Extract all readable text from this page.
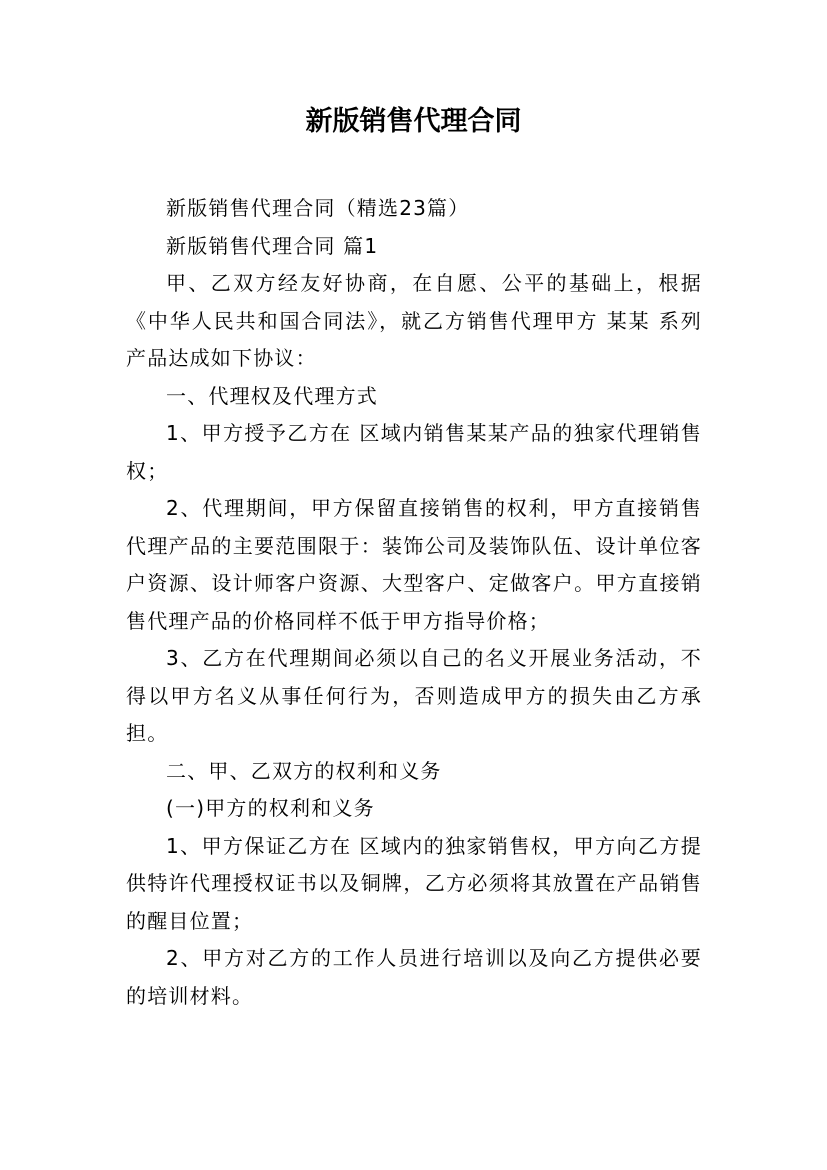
新版销售代理合同

新版销售代理合同（精选23篇）

新版销售代理合同 篇1

甲、乙双方经友好协商，在自愿、公平的基础上，根据《中华人民共和国合同法》，就乙方销售代理甲方 某某 系列产品达成如下协议：

一、代理权及代理方式

1、甲方授予乙方在 区域内销售某某产品的独家代理销售权；

2、代理期间，甲方保留直接销售的权利，甲方直接销售代理产品的主要范围限于：装饰公司及装饰队伍、设计单位客户资源、设计师客户资源、大型客户、定做客户。甲方直接销售代理产品的价格同样不低于甲方指导价格；

3、乙方在代理期间必须以自己的名义开展业务活动，不得以甲方名义从事任何行为，否则造成甲方的损失由乙方承担。

二、甲、乙双方的权利和义务

(一)甲方的权利和义务

1、甲方保证乙方在 区域内的独家销售权，甲方向乙方提供特许代理授权证书以及铜牌，乙方必须将其放置在产品销售的醒目位置；

2、甲方对乙方的工作人员进行培训以及向乙方提供必要的培训材料。
